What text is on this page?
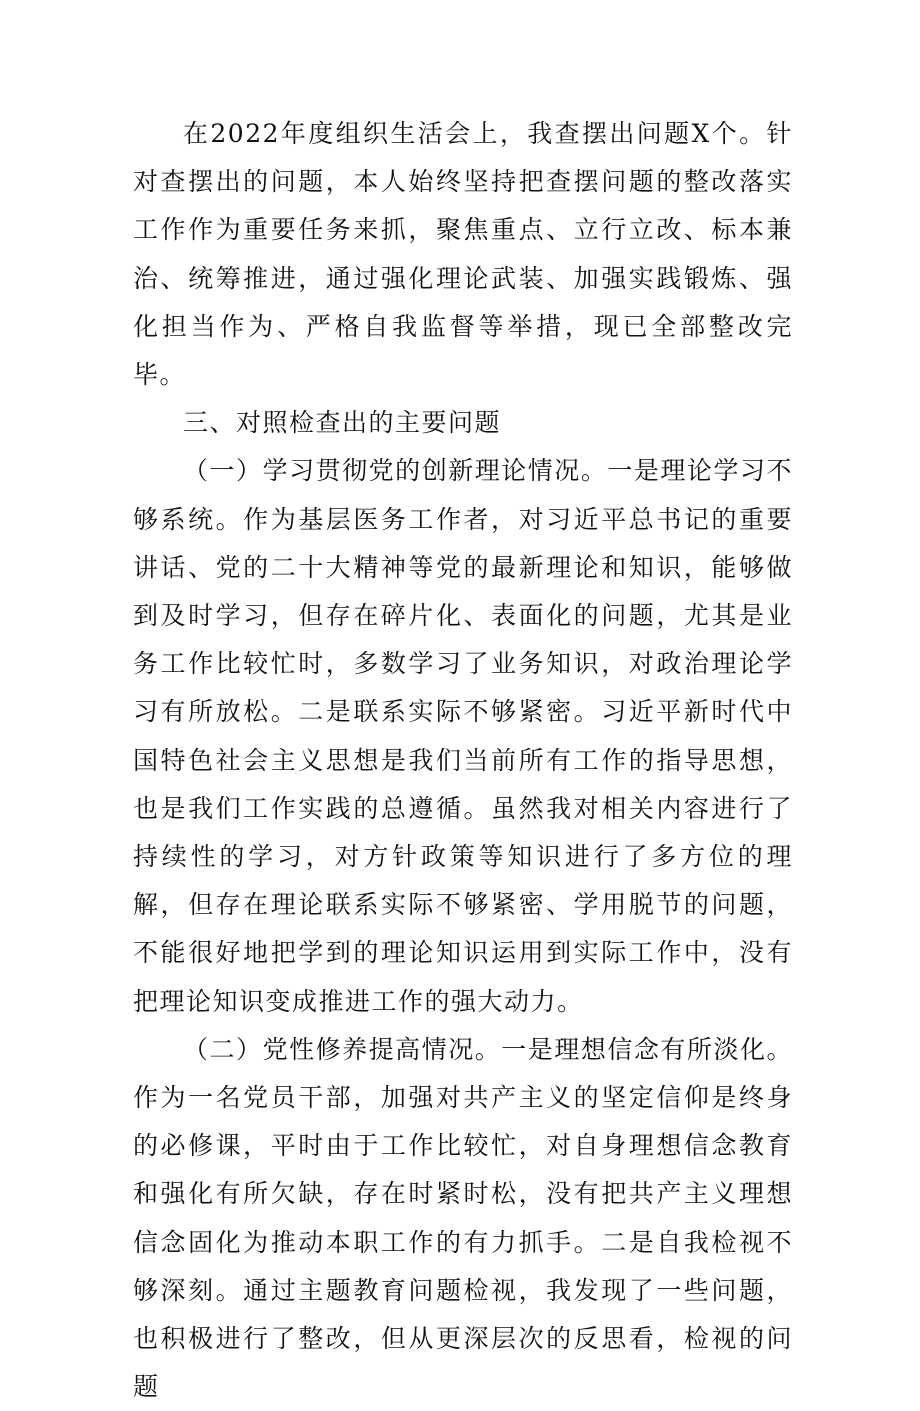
在2022年度组织生活会上，我查摆出问题X个。针对查摆出的问题，本人始终坚持把查摆问题的整改落实工作作为重要任务来抓，聚焦重点、立行立改、标本兼治、统筹推进，通过强化理论武装、加强实践锻炼、强化担当作为、严格自我监督等举措，现已全部整改完毕。

三、对照检查出的主要问题

（一）学习贯彻党的创新理论情况。一是理论学习不够系统。作为基层医务工作者，对习近平总书记的重要讲话、党的二十大精神等党的最新理论和知识，能够做到及时学习，但存在碎片化、表面化的问题，尤其是业务工作比较忙时，多数学习了业务知识，对政治理论学习有所放松。二是联系实际不够紧密。习近平新时代中国特色社会主义思想是我们当前所有工作的指导思想，也是我们工作实践的总遵循。虽然我对相关内容进行了持续性的学习，对方针政策等知识进行了多方位的理解，但存在理论联系实际不够紧密、学用脱节的问题，不能很好地把学到的理论知识运用到实际工作中，没有把理论知识变成推进工作的强大动力。

（二）党性修养提高情况。一是理想信念有所淡化。作为一名党员干部，加强对共产主义的坚定信仰是终身的必修课，平时由于工作比较忙，对自身理想信念教育和强化有所欠缺，存在时紧时松，没有把共产主义理想信念固化为推动本职工作的有力抓手。二是自我检视不够深刻。通过主题教育问题检视，我发现了一些问题，也积极进行了整改，但从更深层次的反思看，检视的问题
